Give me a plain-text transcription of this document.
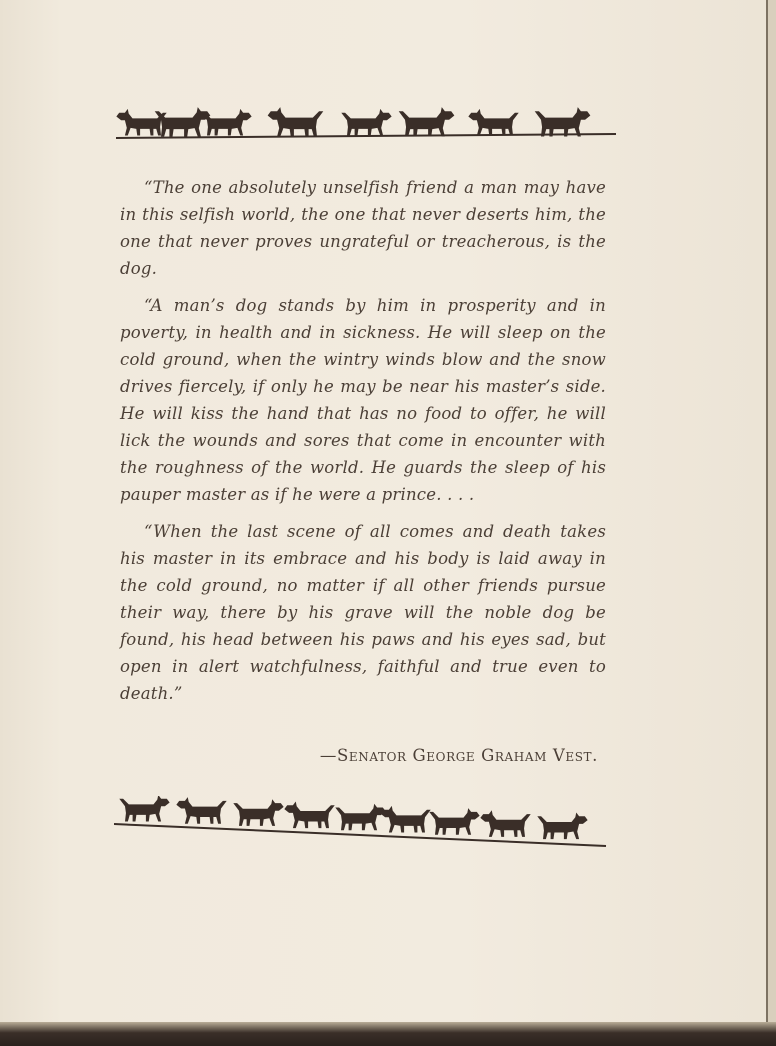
“The one absolutely unselfish friend a man may have in this selfish world, the one that never deserts him, the one that never proves ungrateful or treacherous, is the dog.

“A man’s dog stands by him in prosperity and in poverty, in health and in sickness. He will sleep on the cold ground, when the wintry winds blow and the snow drives fiercely, if only he may be near his master’s side. He will kiss the hand that has no food to offer, he will lick the wounds and sores that come in encounter with the roughness of the world. He guards the sleep of his pauper master as if he were a prince. . . .

“When the last scene of all comes and death takes his master in its embrace and his body is laid away in the cold ground, no matter if all other friends pursue their way, there by his grave will the noble dog be found, his head between his paws and his eyes sad, but open in alert watchfulness, faithful and true even to death.”

—Senator George Graham Vest.
